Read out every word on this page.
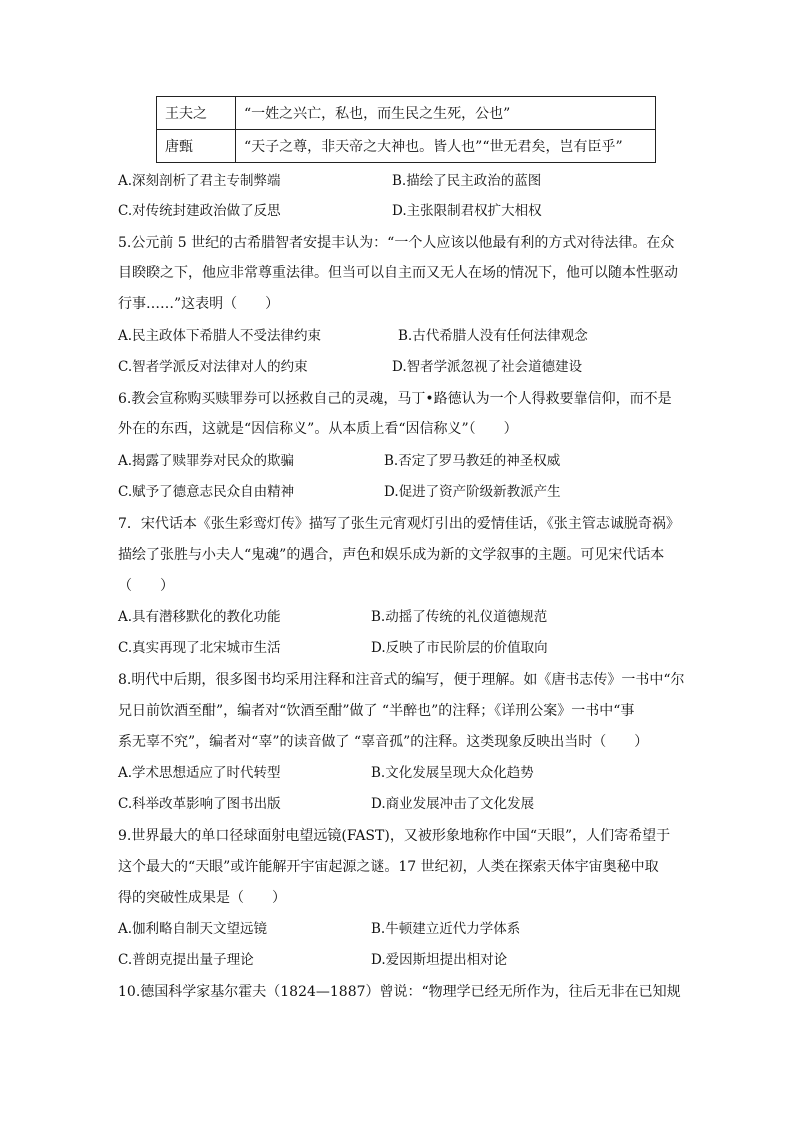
王夫之	“一姓之兴亡，私也，而生民之生死，公也”
唐甄	“天子之尊，非天帝之大神也。皆人也”“世无君矣，岂有臣乎”
A.深刻剖析了君主专制弊端	B.描绘了民主政治的蓝图
C.对传统封建政治做了反思	D.主张限制君权扩大相权
5.公元前 5 世纪的古希腊智者安提丰认为：“一个人应该以他最有利的方式对待法律。在众
目睽睽之下，他应非常尊重法律。但当可以自主而又无人在场的情况下，他可以随本性驱动
行事……”这表明（　　）
A.民主政体下希腊人不受法律约束	B.古代希腊人没有任何法律观念
C.智者学派反对法律对人的约束	D.智者学派忽视了社会道德建设
6.教会宣称购买赎罪券可以拯救自己的灵魂，马丁•路德认为一个人得救要靠信仰，而不是
外在的东西，这就是“因信称义”。从本质上看“因信称义”（　　）
A.揭露了赎罪券对民众的欺骗	B.否定了罗马教廷的神圣权威
C.赋予了德意志民众自由精神	D.促进了资产阶级新教派产生
7．宋代话本《张生彩鸾灯传》描写了张生元宵观灯引出的爱情佳话，《张主管志诚脱奇祸》
描绘了张胜与小夫人“鬼魂”的遇合，声色和娱乐成为新的文学叙事的主题。可见宋代话本
（　　）
A.具有潜移默化的教化功能	B.动摇了传统的礼仪道德规范
C.真实再现了北宋城市生活	D.反映了市民阶层的价值取向
8.明代中后期，很多图书均采用注释和注音式的编写，便于理解。如《唐书志传》一书中“尔
兄日前饮酒至酣”，编者对“饮酒至酣”做了 “半醉也”的注释；《详刑公案》一书中“事
系无辜不究”，编者对“辜”的读音做了 “辜音孤”的注释。这类现象反映出当时（　　）
A.学术思想适应了时代转型	B.文化发展呈现大众化趋势
C.科举改革影响了图书出版	D.商业发展冲击了文化发展
9.世界最大的单口径球面射电望远镜(FAST)，又被形象地称作中国“天眼”，人们寄希望于
这个最大的“天眼”或许能解开宇宙起源之谜。17 世纪初，人类在探索天体宇宙奥秘中取
得的突破性成果是（　　）
A.伽利略自制天文望远镜	B.牛顿建立近代力学体系
C.普朗克提出量子理论	D.爱因斯坦提出相对论
10.德国科学家基尔霍夫（1824—1887）曾说：“物理学已经无所作为，往后无非在已知规
